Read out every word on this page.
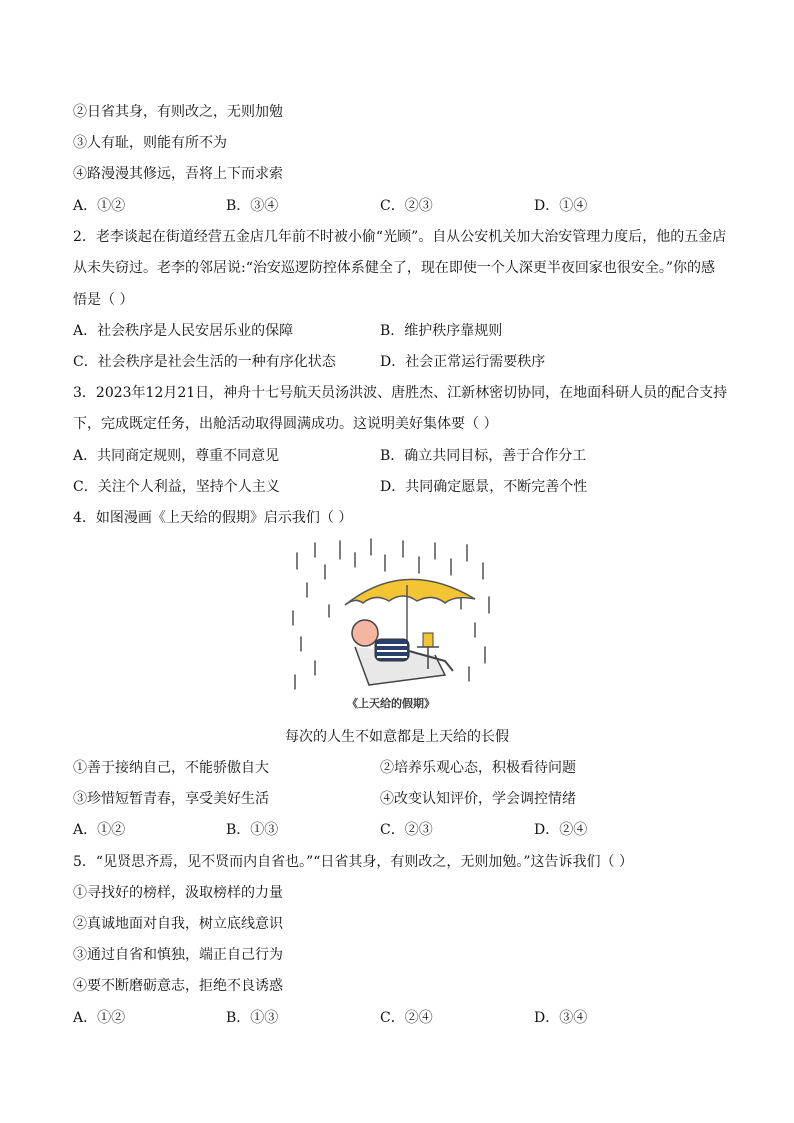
②日省其身，有则改之，无则加勉
③人有耻，则能有所不为
④路漫漫其修远，吾将上下而求索
A．①②	B．③④	C．②③	D．①④
2．老李谈起在街道经营五金店几年前不时被小偷“光顾”。自从公安机关加大治安管理力度后，他的五金店
从未失窃过。老李的邻居说:“治安巡逻防控体系健全了，现在即使一个人深更半夜回家也很安全。”你的感
悟是（ ）
A．社会秩序是人民安居乐业的保障	B．维护秩序靠规则
C．社会秩序是社会生活的一种有序化状态	D．社会正常运行需要秩序
3．2023年12月21日，神舟十七号航天员汤洪波、唐胜杰、江新林密切协同，在地面科研人员的配合支持
下，完成既定任务，出舱活动取得圆满成功。这说明美好集体要（ ）
A．共同商定规则，尊重不同意见	B．确立共同目标，善于合作分工
C．关注个人利益，坚持个人主义	D．共同确定愿景，不断完善个性
4．如图漫画《上天给的假期》启示我们（ ）
《上天给的假期》
每次的人生不如意都是上天给的长假
①善于接纳自己，不能骄傲自大	②培养乐观心态，积极看待问题
③珍惜短暂青春，享受美好生活	④改变认知评价，学会调控情绪
A．①②	B．①③	C．②③	D．②④
5．“见贤思齐焉，见不贤而内自省也。”“日省其身，有则改之，无则加勉。”这告诉我们（ ）
①寻找好的榜样，汲取榜样的力量
②真诚地面对自我，树立底线意识
③通过自省和慎独，端正自己行为
④要不断磨砺意志，拒绝不良诱惑
A．①②	B．①③	C．②④	D．③④
